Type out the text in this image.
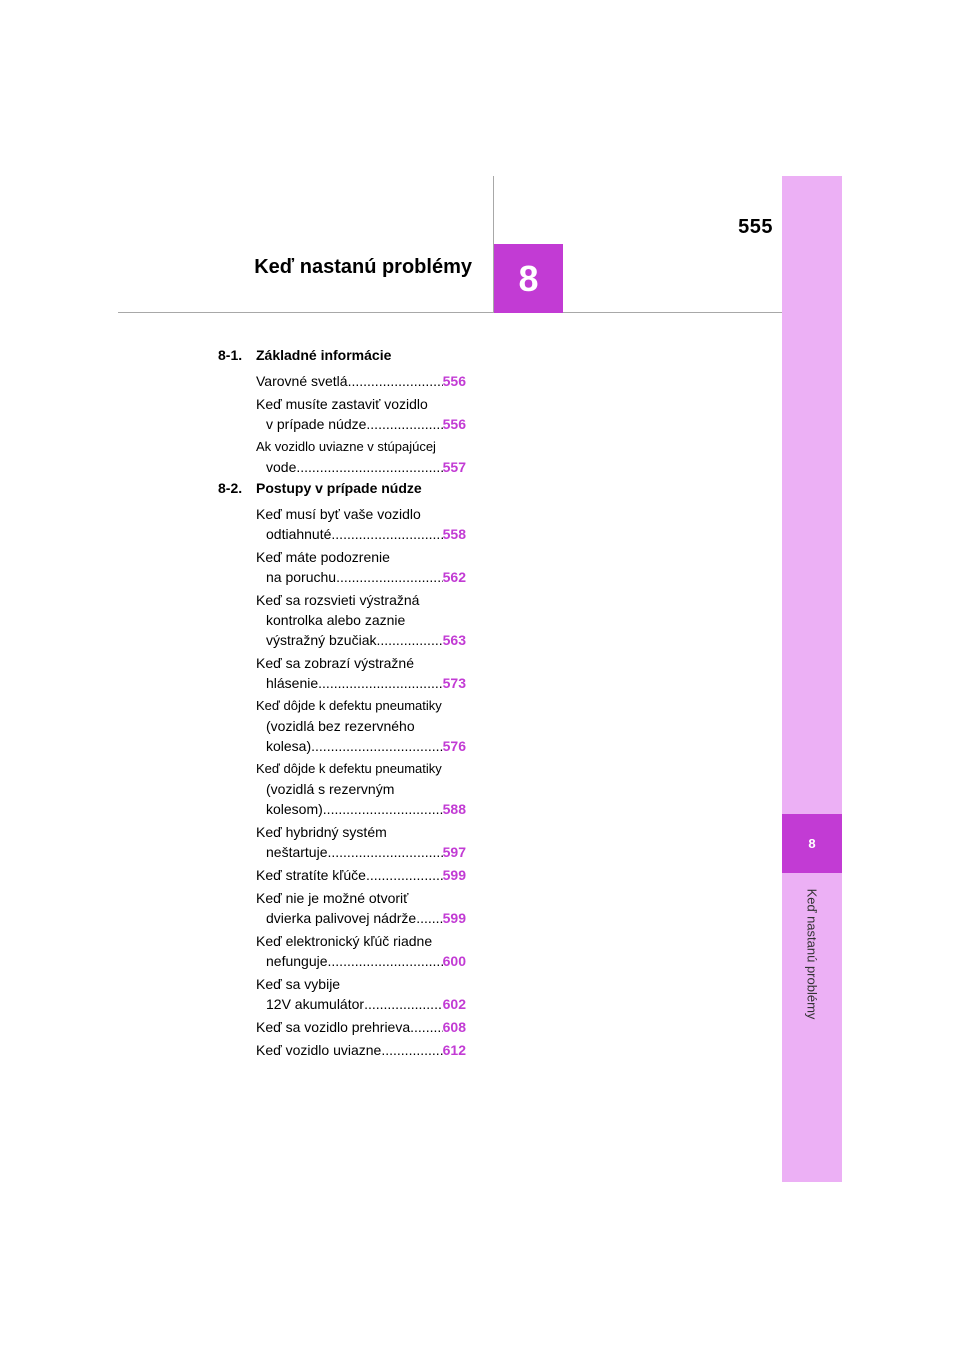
555
Keď nastanú problémy	8
8
Keď nastanú problémy
8-1. Základné informácie
Varovné svetlá .....	556
Keď musíte zastaviť vozidlo
v prípade núdze .....	556
Ak vozidlo uviazne v stúpajúcej
vode .....	557
8-2. Postupy v prípade núdze
Keď musí byť vaše vozidlo
odtiahnuté .....	558
Keď máte podozrenie
na poruchu .....	562
Keď sa rozsvieti výstražná
kontrolka alebo zaznie
výstražný bzučiak .....	563
Keď sa zobrazí výstražné
hlásenie .....	573
Keď dôjde k defektu pneumatiky
(vozidlá bez rezervného
kolesa) .....	576
Keď dôjde k defektu pneumatiky
(vozidlá s rezervným
kolesom) .....	588
Keď hybridný systém
neštartuje .....	597
Keď stratíte kľúče .....	599
Keď nie je možné otvoriť
dvierka palivovej nádrže ..... 599
Keď elektronický kľúč riadne
nefunguje .....	600
Keď sa vybije
12V akumulátor .....	602
Keď sa vozidlo prehrieva ..... 608
Keď vozidlo uviazne .....	612
